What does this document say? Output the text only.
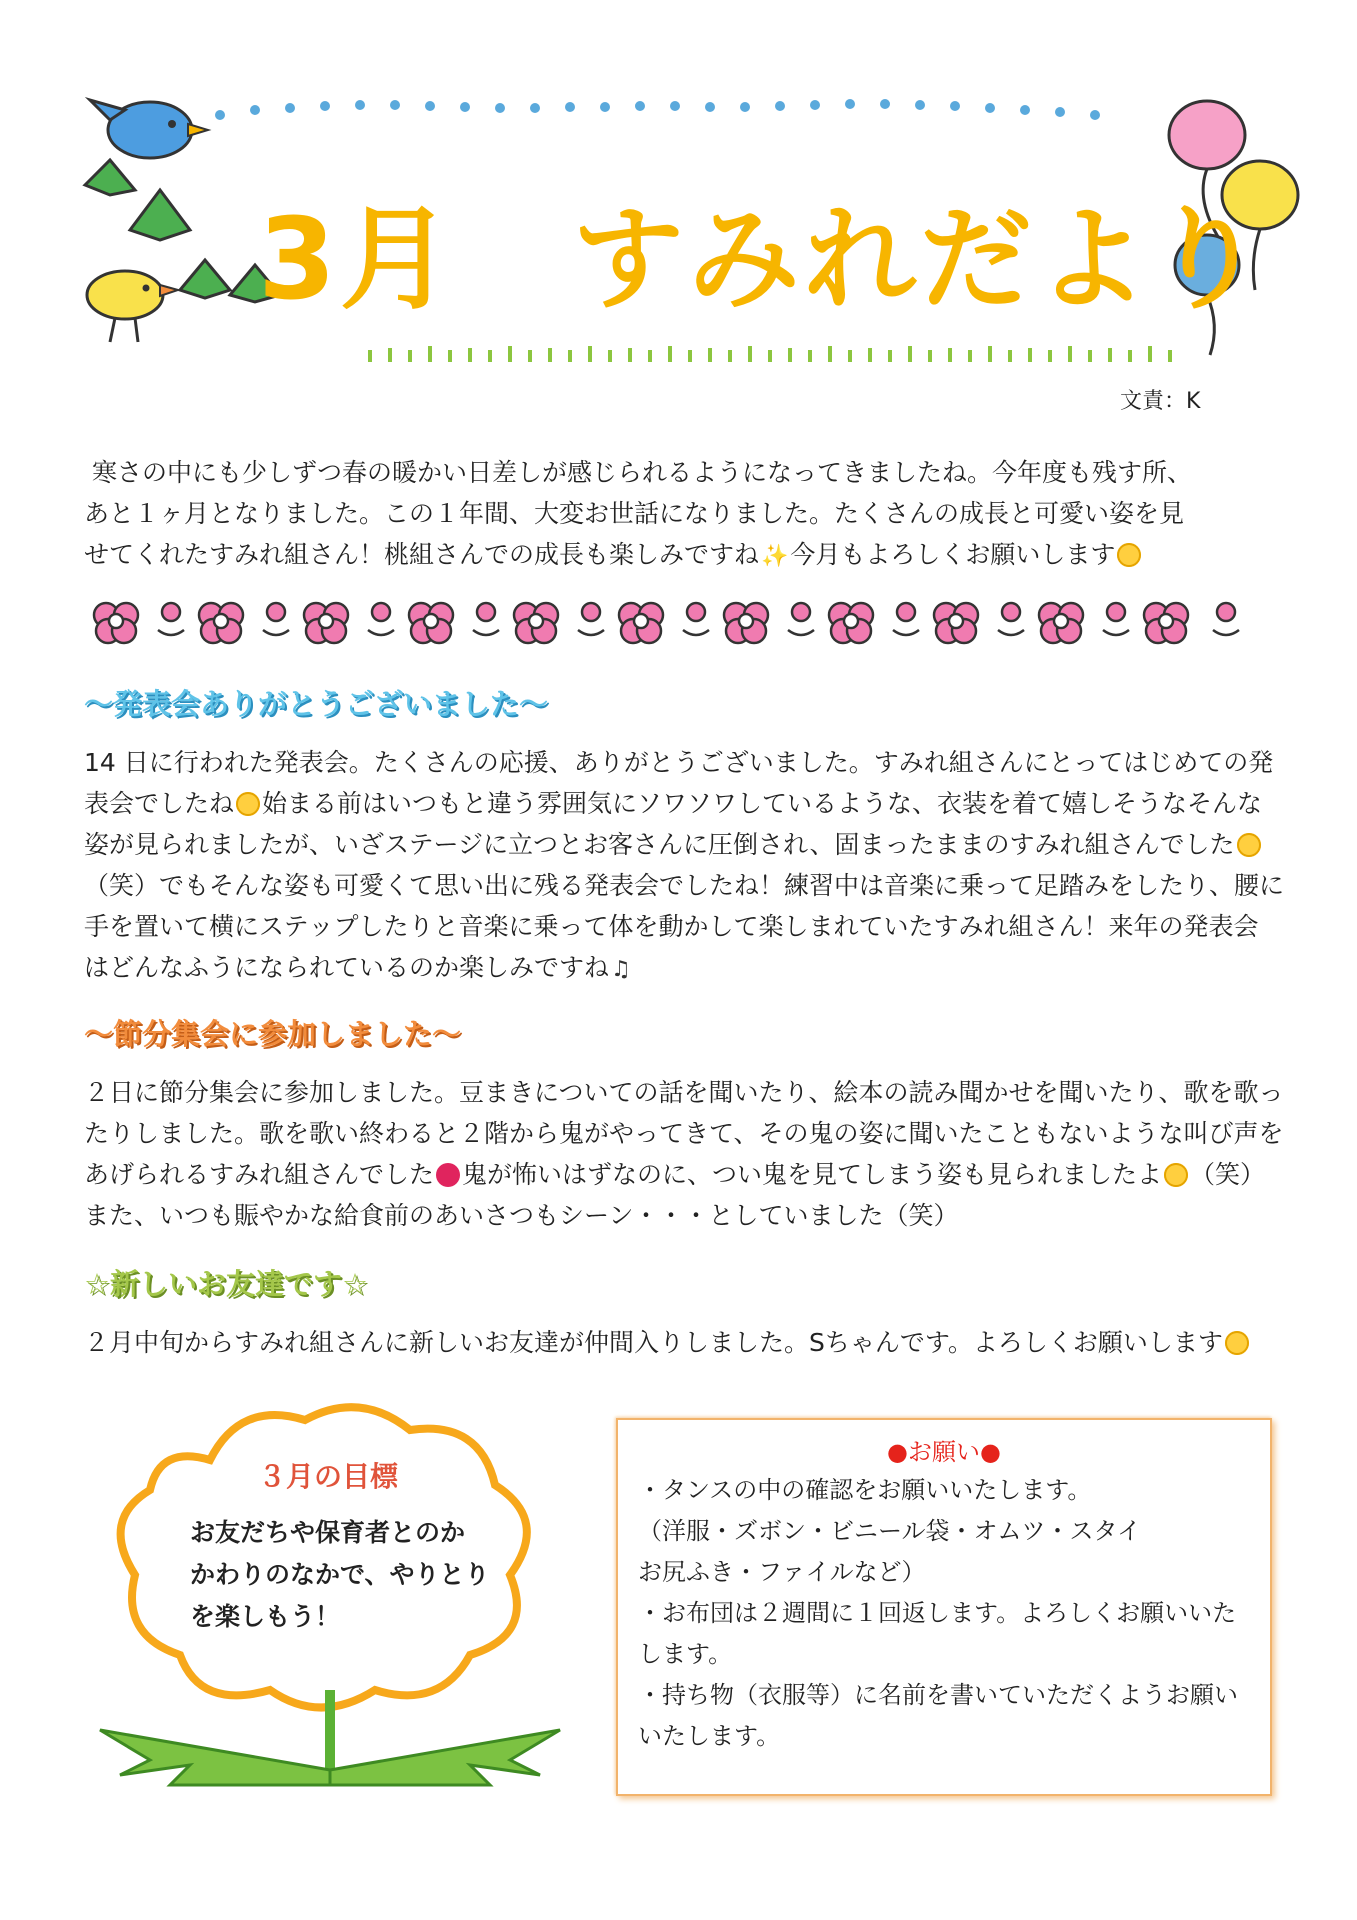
3月　すみれだより
文責：K
寒さの中にも少しずつ春の暖かい日差しが感じられるようになってきましたね。今年度も残す所、
あと１ヶ月となりました。この１年間、大変お世話になりました。たくさんの成長と可愛い姿を見
せてくれたすみれ組さん！桃組さんでの成長も楽しみですね✨今月もよろしくお願いします
～発表会ありがとうございました～
14 日に行われた発表会。たくさんの応援、ありがとうございました。すみれ組さんにとってはじめての発
表会でしたね 始まる前はいつもと違う雰囲気にソワソワしているような、衣装を着て嬉しそうなそんな
姿が見られましたが、いざステージに立つとお客さんに圧倒され、固まったままのすみれ組さんでした
（笑）でもそんな姿も可愛くて思い出に残る発表会でしたね！練習中は音楽に乗って足踏みをしたり、腰に
手を置いて横にステップしたりと音楽に乗って体を動かして楽しまれていたすみれ組さん！来年の発表会
はどんなふうになられているのか楽しみですね♫
～節分集会に参加しました～
２日に節分集会に参加しました。豆まきについての話を聞いたり、絵本の読み聞かせを聞いたり、歌を歌っ
たりしました。歌を歌い終わると２階から鬼がやってきて、その鬼の姿に聞いたこともないような叫び声を
あげられるすみれ組さんでした 鬼が怖いはずなのに、つい鬼を見てしまう姿も見られましたよ （笑）
また、いつも賑やかな給食前のあいさつもシーン・・・としていました（笑）
☆新しいお友達です☆
２月中旬からすみれ組さんに新しいお友達が仲間入りしました。Sちゃんです。よろしくお願いします
３月の目標
お友だちや保育者とのか
かわりのなかで、やりとり
を楽しもう！
●お願い●
・タンスの中の確認をお願いいたします。
（洋服・ズボン・ビニール袋・オムツ・スタイ
お尻ふき・ファイルなど）
・お布団は２週間に１回返します。よろしくお願いいた
します。
・持ち物（衣服等）に名前を書いていただくようお願い
いたします。
